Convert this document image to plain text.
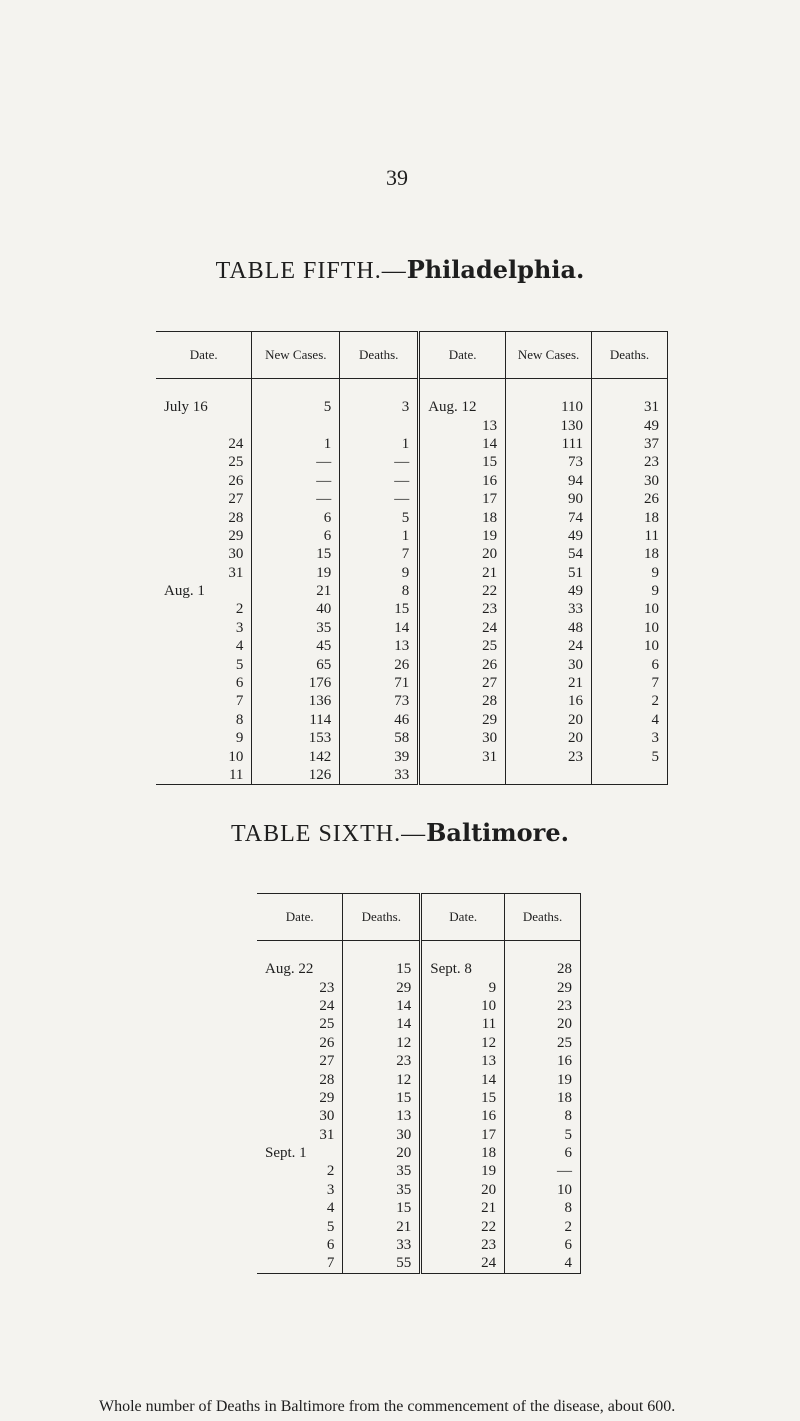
39
TABLE FIFTH.—Philadelphia.
Date.	New Cases.	Deaths.	Date.	New Cases.	Deaths.
July 16	5	3	Aug. 12	110	31
			13	130	49
24	1	1	14	111	37
25	—	—	15	73	23
26	—	—	16	94	30
27	—	—	17	90	26
28	6	5	18	74	18
29	6	1	19	49	11
30	15	7	20	54	18
31	19	9	21	51	9
Aug. 1	21	8	22	49	9
2	40	15	23	33	10
3	35	14	24	48	10
4	45	13	25	24	10
5	65	26	26	30	6
6	176	71	27	21	7
7	136	73	28	16	2
8	114	46	29	20	4
9	153	58	30	20	3
10	142	39	31	23	5
11	126	33			
TABLE SIXTH.—Baltimore.
Date.	Deaths.	Date.	Deaths.
Aug. 22	15	Sept. 8	28
23	29	9	29
24	14	10	23
25	14	11	20
26	12	12	25
27	23	13	16
28	12	14	19
29	15	15	18
30	13	16	8
31	30	17	5
Sept. 1	20	18	6
2	35	19	—
3	35	20	10
4	15	21	8
5	21	22	2
6	33	23	6
7	55	24	4
Whole number of Deaths in Baltimore from the commencement of the disease, about 600.
